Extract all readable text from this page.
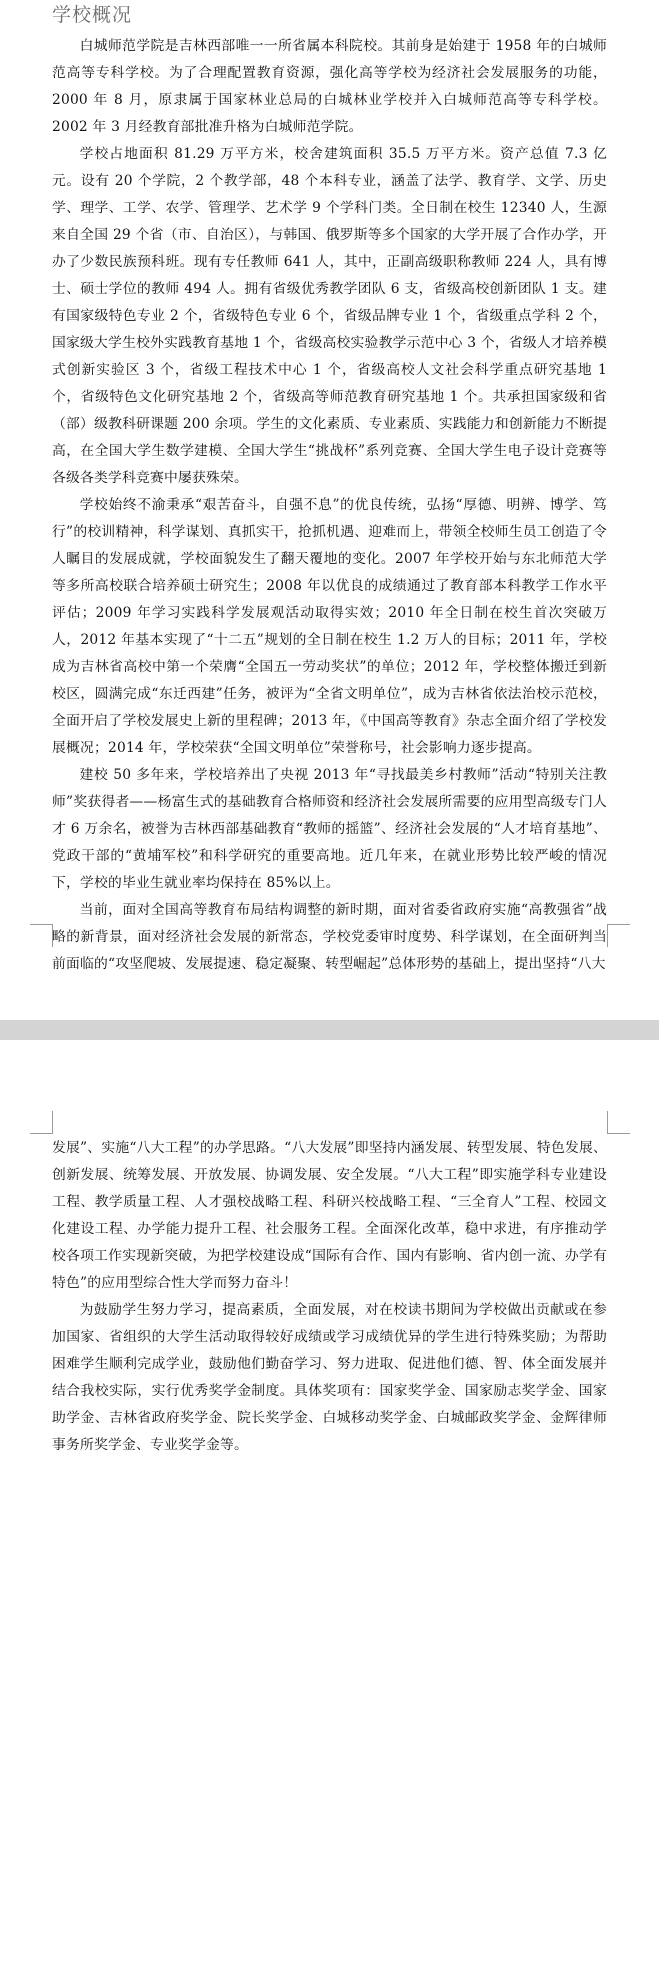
学校概况

白城师范学院是吉林西部唯一一所省属本科院校。其前身是始建于 1958 年的白城师范高等专科学校。为了合理配置教育资源，强化高等学校为经济社会发展服务的功能，2000 年 8 月，原隶属于国家林业总局的白城林业学校并入白城师范高等专科学校。2002 年 3 月经教育部批准升格为白城师范学院。

学校占地面积 81.29 万平方米，校舍建筑面积 35.5 万平方米。资产总值 7.3 亿元。设有 20 个学院，2 个教学部，48 个本科专业，涵盖了法学、教育学、文学、历史学、理学、工学、农学、管理学、艺术学 9 个学科门类。全日制在校生 12340 人，生源来自全国 29 个省（市、自治区），与韩国、俄罗斯等多个国家的大学开展了合作办学，开办了少数民族预科班。现有专任教师 641 人，其中，正副高级职称教师 224 人，具有博士、硕士学位的教师 494 人。拥有省级优秀教学团队 6 支，省级高校创新团队 1 支。建有国家级特色专业 2 个，省级特色专业 6 个，省级品牌专业 1 个，省级重点学科 2 个，国家级大学生校外实践教育基地 1 个，省级高校实验教学示范中心 3 个，省级人才培养模式创新实验区 3 个，省级工程技术中心 1 个，省级高校人文社会科学重点研究基地 1 个，省级特色文化研究基地 2 个，省级高等师范教育研究基地 1 个。共承担国家级和省（部）级教科研课题 200 余项。学生的文化素质、专业素质、实践能力和创新能力不断提高，在全国大学生数学建模、全国大学生“挑战杯”系列竞赛、全国大学生电子设计竞赛等各级各类学科竞赛中屡获殊荣。

学校始终不渝秉承“艰苦奋斗，自强不息”的优良传统，弘扬“厚德、明辨、博学、笃行”的校训精神，科学谋划、真抓实干，抢抓机遇、迎难而上，带领全校师生员工创造了令人瞩目的发展成就，学校面貌发生了翻天覆地的变化。2007 年学校开始与东北师范大学等多所高校联合培养硕士研究生；2008 年以优良的成绩通过了教育部本科教学工作水平评估；2009 年学习实践科学发展观活动取得实效；2010 年全日制在校生首次突破万人，2012 年基本实现了“十二五”规划的全日制在校生 1.2 万人的目标；2011 年，学校成为吉林省高校中第一个荣膺“全国五一劳动奖状”的单位；2012 年，学校整体搬迁到新校区，圆满完成“东迁西建”任务，被评为“全省文明单位”，成为吉林省依法治校示范校，全面开启了学校发展史上新的里程碑；2013 年，《中国高等教育》杂志全面介绍了学校发展概况；2014 年，学校荣获“全国文明单位”荣誉称号，社会影响力逐步提高。

建校 50 多年来，学校培养出了央视 2013 年“寻找最美乡村教师”活动“特别关注教师”奖获得者——杨富生式的基础教育合格师资和经济社会发展所需要的应用型高级专门人才 6 万余名，被誉为吉林西部基础教育“教师的摇篮”、经济社会发展的“人才培育基地”、党政干部的“黄埔军校”和科学研究的重要高地。近几年来，在就业形势比较严峻的情况下，学校的毕业生就业率均保持在 85%以上。

当前，面对全国高等教育布局结构调整的新时期，面对省委省政府实施“高教强省”战略的新背景，面对经济社会发展的新常态，学校党委审时度势、科学谋划，在全面研判当前面临的“攻坚爬坡、发展提速、稳定凝聚、转型崛起”总体形势的基础上，提出坚持“八大

发展”、实施“八大工程”的办学思路。“八大发展”即坚持内涵发展、转型发展、特色发展、创新发展、统筹发展、开放发展、协调发展、安全发展。“八大工程”即实施学科专业建设工程、教学质量工程、人才强校战略工程、科研兴校战略工程、“三全育人”工程、校园文化建设工程、办学能力提升工程、社会服务工程。全面深化改革，稳中求进，有序推动学校各项工作实现新突破，为把学校建设成“国际有合作、国内有影响、省内创一流、办学有特色”的应用型综合性大学而努力奋斗！

为鼓励学生努力学习，提高素质，全面发展，对在校读书期间为学校做出贡献或在参加国家、省组织的大学生活动取得较好成绩或学习成绩优异的学生进行特殊奖励；为帮助困难学生顺利完成学业，鼓励他们勤奋学习、努力进取、促进他们德、智、体全面发展并结合我校实际，实行优秀奖学金制度。具体奖项有：国家奖学金、国家励志奖学金、国家助学金、吉林省政府奖学金、院长奖学金、白城移动奖学金、白城邮政奖学金、金辉律师事务所奖学金、专业奖学金等。
